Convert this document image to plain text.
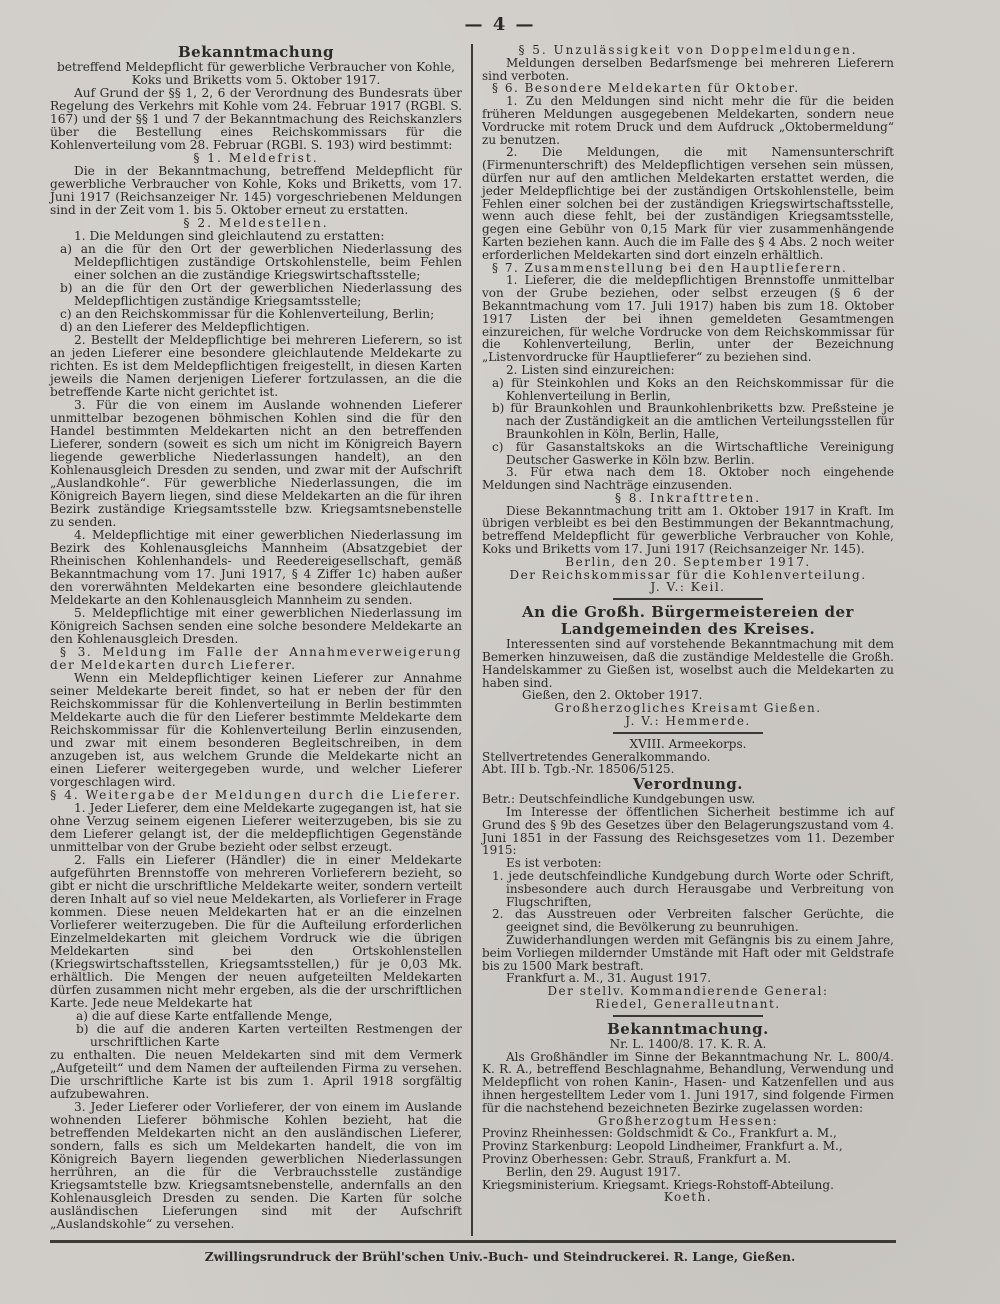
— 4 —

Bekanntmachung

betreffend Meldepflicht für gewerbliche Verbraucher von Kohle, Koks und Briketts vom 5. Oktober 1917.

Auf Grund der §§ 1, 2, 6 der Verordnung des Bundesrats über Regelung des Verkehrs mit Kohle vom 24. Februar 1917 (RGBl. S. 167) und der §§ 1 und 7 der Bekanntmachung des Reichskanzlers über die Bestellung eines Reichskommissars für die Kohlenverteilung vom 28. Februar (RGBl. S. 193) wird bestimmt:

§ 1. Meldefrist.

Die in der Bekanntmachung, betreffend Meldepflicht für gewerbliche Verbraucher von Kohle, Koks und Briketts, vom 17. Juni 1917 (Reichsanzeiger Nr. 145) vorgeschriebenen Meldungen sind in der Zeit vom 1. bis 5. Oktober erneut zu erstatten.

§ 2. Meldestellen.

1. Die Meldungen sind gleichlautend zu erstatten:

a) an die für den Ort der gewerblichen Niederlassung des Meldepflichtigen zuständige Ortskohlenstelle, beim Fehlen einer solchen an die zuständige Kriegswirtschaftsstelle;

b) an die für den Ort der gewerblichen Niederlassung des Meldepflichtigen zuständige Kriegsamtsstelle;

c) an den Reichskommissar für die Kohlenverteilung, Berlin;

d) an den Lieferer des Meldepflichtigen.

2. Bestellt der Meldepflichtige bei mehreren Lieferern, so ist an jeden Lieferer eine besondere gleichlautende Meldekarte zu richten. Es ist dem Meldepflichtigen freigestellt, in diesen Karten jeweils die Namen derjenigen Lieferer fortzulassen, an die die betreffende Karte nicht gerichtet ist.

3. Für die von einem im Auslande wohnenden Lieferer unmittelbar bezogenen böhmischen Kohlen sind die für den Handel bestimmten Meldekarten nicht an den betreffenden Lieferer, sondern (soweit es sich um nicht im Königreich Bayern liegende gewerbliche Niederlassungen handelt), an den Kohlenausgleich Dresden zu senden, und zwar mit der Aufschrift „Auslandkohle“. Für gewerbliche Niederlassungen, die im Königreich Bayern liegen, sind diese Meldekarten an die für ihren Bezirk zuständige Kriegsamtsstelle bzw. Kriegsamtsnebenstelle zu senden.

4. Meldepflichtige mit einer gewerblichen Niederlassung im Bezirk des Kohlenausgleichs Mannheim (Absatzgebiet der Rheinischen Kohlenhandels- und Reedereigesellschaft, gemäß Bekanntmachung vom 17. Juni 1917, § 4 Ziffer 1c) haben außer den vorerwähnten Meldekarten eine besondere gleichlautende Meldekarte an den Kohlenausgleich Mannheim zu senden.

5. Meldepflichtige mit einer gewerblichen Niederlassung im Königreich Sachsen senden eine solche besondere Meldekarte an den Kohlenausgleich Dresden.

§ 3. Meldung im Falle der Annahmeverweigerung der Meldekarten durch Lieferer.

Wenn ein Meldepflichtiger keinen Lieferer zur Annahme seiner Meldekarte bereit findet, so hat er neben der für den Reichskommissar für die Kohlenverteilung in Berlin bestimmten Meldekarte auch die für den Lieferer bestimmte Meldekarte dem Reichskommissar für die Kohlenverteilung Berlin einzusenden, und zwar mit einem besonderen Begleitschreiben, in dem anzugeben ist, aus welchem Grunde die Meldekarte nicht an einen Lieferer weitergegeben wurde, und welcher Lieferer vorgeschlagen wird.

§ 4. Weitergabe der Meldungen durch die Lieferer.

1. Jeder Lieferer, dem eine Meldekarte zugegangen ist, hat sie ohne Verzug seinem eigenen Lieferer weiterzugeben, bis sie zu dem Lieferer gelangt ist, der die meldepflichtigen Gegenstände unmittelbar von der Grube bezieht oder selbst erzeugt.

2. Falls ein Lieferer (Händler) die in einer Meldekarte aufgeführten Brennstoffe von mehreren Vorlieferern bezieht, so gibt er nicht die urschriftliche Meldekarte weiter, sondern verteilt deren Inhalt auf so viel neue Meldekarten, als Vorlieferer in Frage kommen. Diese neuen Meldekarten hat er an die einzelnen Vorlieferer weiterzugeben. Die für die Aufteilung erforderlichen Einzelmeldekarten mit gleichem Vordruck wie die übrigen Meldekarten sind bei den Ortskohlenstellen (Kriegswirtschaftsstellen, Kriegsamtsstellen,) für je 0,03 Mk. erhältlich. Die Mengen der neuen aufgeteilten Meldekarten dürfen zusammen nicht mehr ergeben, als die der urschriftlichen Karte. Jede neue Meldekarte hat

a) die auf diese Karte entfallende Menge,

b) die auf die anderen Karten verteilten Restmengen der urschriftlichen Karte

zu enthalten. Die neuen Meldekarten sind mit dem Vermerk „Aufgeteilt“ und dem Namen der aufteilenden Firma zu versehen. Die urschriftliche Karte ist bis zum 1. April 1918 sorgfältig aufzubewahren.

3. Jeder Lieferer oder Vorlieferer, der von einem im Auslande wohnenden Lieferer böhmische Kohlen bezieht, hat die betreffenden Meldekarten nicht an den ausländischen Lieferer, sondern, falls es sich um Meldekarten handelt, die von im Königreich Bayern liegenden gewerblichen Niederlassungen herrühren, an die für die Verbrauchsstelle zuständige Kriegsamtstelle bzw. Kriegsamtsnebenstelle, andernfalls an den Kohlenausgleich Dresden zu senden. Die Karten für solche ausländischen Lieferungen sind mit der Aufschrift „Auslandskohle“ zu versehen.

§ 5. Unzulässigkeit von Doppelmeldungen.

Meldungen derselben Bedarfsmenge bei mehreren Lieferern sind verboten.

§ 6. Besondere Meldekarten für Oktober.

1. Zu den Meldungen sind nicht mehr die für die beiden früheren Meldungen ausgegebenen Meldekarten, sondern neue Vordrucke mit rotem Druck und dem Aufdruck „Oktobermeldung“ zu benutzen.

2. Die Meldungen, die mit Namensunterschrift (Firmenunterschrift) des Meldepflichtigen versehen sein müssen, dürfen nur auf den amtlichen Meldekarten erstattet werden, die jeder Meldepflichtige bei der zuständigen Ortskohlenstelle, beim Fehlen einer solchen bei der zuständigen Kriegswirtschaftsstelle, wenn auch diese fehlt, bei der zuständigen Kriegsamtsstelle, gegen eine Gebühr von 0,15 Mark für vier zusammenhängende Karten beziehen kann. Auch die im Falle des § 4 Abs. 2 noch weiter erforderlichen Meldekarten sind dort einzeln erhältlich.

§ 7. Zusammenstellung bei den Hauptlieferern.

1. Lieferer, die die meldepflichtigen Brennstoffe unmittelbar von der Grube beziehen, oder selbst erzeugen (§ 6 der Bekanntmachung vom 17. Juli 1917) haben bis zum 18. Oktober 1917 Listen der bei ihnen gemeldeten Gesamtmengen einzureichen, für welche Vordrucke von dem Reichskommissar für die Kohlenverteilung, Berlin, unter der Bezeichnung „Listenvordrucke für Hauptlieferer“ zu beziehen sind.

2. Listen sind einzureichen:

a) für Steinkohlen und Koks an den Reichskommissar für die Kohlenverteilung in Berlin,

b) für Braunkohlen und Braunkohlenbriketts bzw. Preßsteine je nach der Zuständigkeit an die amtlichen Verteilungsstellen für Braunkohlen in Köln, Berlin, Halle,

c) für Gasanstaltskoks an die Wirtschaftliche Vereinigung Deutscher Gaswerke in Köln bzw. Berlin.

3. Für etwa nach dem 18. Oktober noch eingehende Meldungen sind Nachträge einzusenden.

§ 8. Inkrafttreten.

Diese Bekanntmachung tritt am 1. Oktober 1917 in Kraft. Im übrigen verbleibt es bei den Bestimmungen der Bekanntmachung, betreffend Meldepflicht für gewerbliche Verbraucher von Kohle, Koks und Briketts vom 17. Juni 1917 (Reichsanzeiger Nr. 145).

Berlin, den 20. September 1917.

Der Reichskommissar für die Kohlenverteilung.

J. V.: Keil.

An die Großh. Bürgermeistereien der Landgemeinden des Kreises.

Interessenten sind auf vorstehende Bekanntmachung mit dem Bemerken hinzuweisen, daß die zuständige Meldestelle die Großh. Handelskammer zu Gießen ist, woselbst auch die Meldekarten zu haben sind.

Gießen, den 2. Oktober 1917.

Großherzogliches Kreisamt Gießen.

J. V.: Hemmerde.

XVIII. Armeekorps.

Stellvertretendes Generalkommando.

Abt. III b. Tgb.-Nr. 18506/5125.

Verordnung.

Betr.: Deutschfeindliche Kundgebungen usw.

Im Interesse der öffentlichen Sicherheit bestimme ich auf Grund des § 9b des Gesetzes über den Belagerungszustand vom 4. Juni 1851 in der Fassung des Reichsgesetzes vom 11. Dezember 1915:

Es ist verboten:

1. jede deutschfeindliche Kundgebung durch Worte oder Schrift, insbesondere auch durch Herausgabe und Verbreitung von Flugschriften,

2. das Ausstreuen oder Verbreiten falscher Gerüchte, die geeignet sind, die Bevölkerung zu beunruhigen.

Zuwiderhandlungen werden mit Gefängnis bis zu einem Jahre, beim Vorliegen mildernder Umstände mit Haft oder mit Geldstrafe bis zu 1500 Mark bestraft.

Frankfurt a. M., 31. August 1917.

Der stellv. Kommandierende General:

Riedel, Generalleutnant.

Bekanntmachung.

Nr. L. 1400/8. 17. K. R. A.

Als Großhändler im Sinne der Bekanntmachung Nr. L. 800/4. K. R. A., betreffend Beschlagnahme, Behandlung, Verwendung und Meldepflicht von rohen Kanin-, Hasen- und Katzenfellen und aus ihnen hergestelltem Leder vom 1. Juni 1917, sind folgende Firmen für die nachstehend bezeichneten Bezirke zugelassen worden:

Großherzogtum Hessen:

Provinz Rheinhessen: Goldschmidt & Co., Frankfurt a. M.,

Provinz Starkenburg: Leopold Lindheimer, Frankfurt a. M.,

Provinz Oberhessen: Gebr. Strauß, Frankfurt a. M.

Berlin, den 29. August 1917.

Kriegsministerium. Kriegsamt. Kriegs-Rohstoff-Abteilung.

Koeth.

Zwillingsrundruck der Brühl'schen Univ.-Buch- und Steindruckerei. R. Lange, Gießen.
